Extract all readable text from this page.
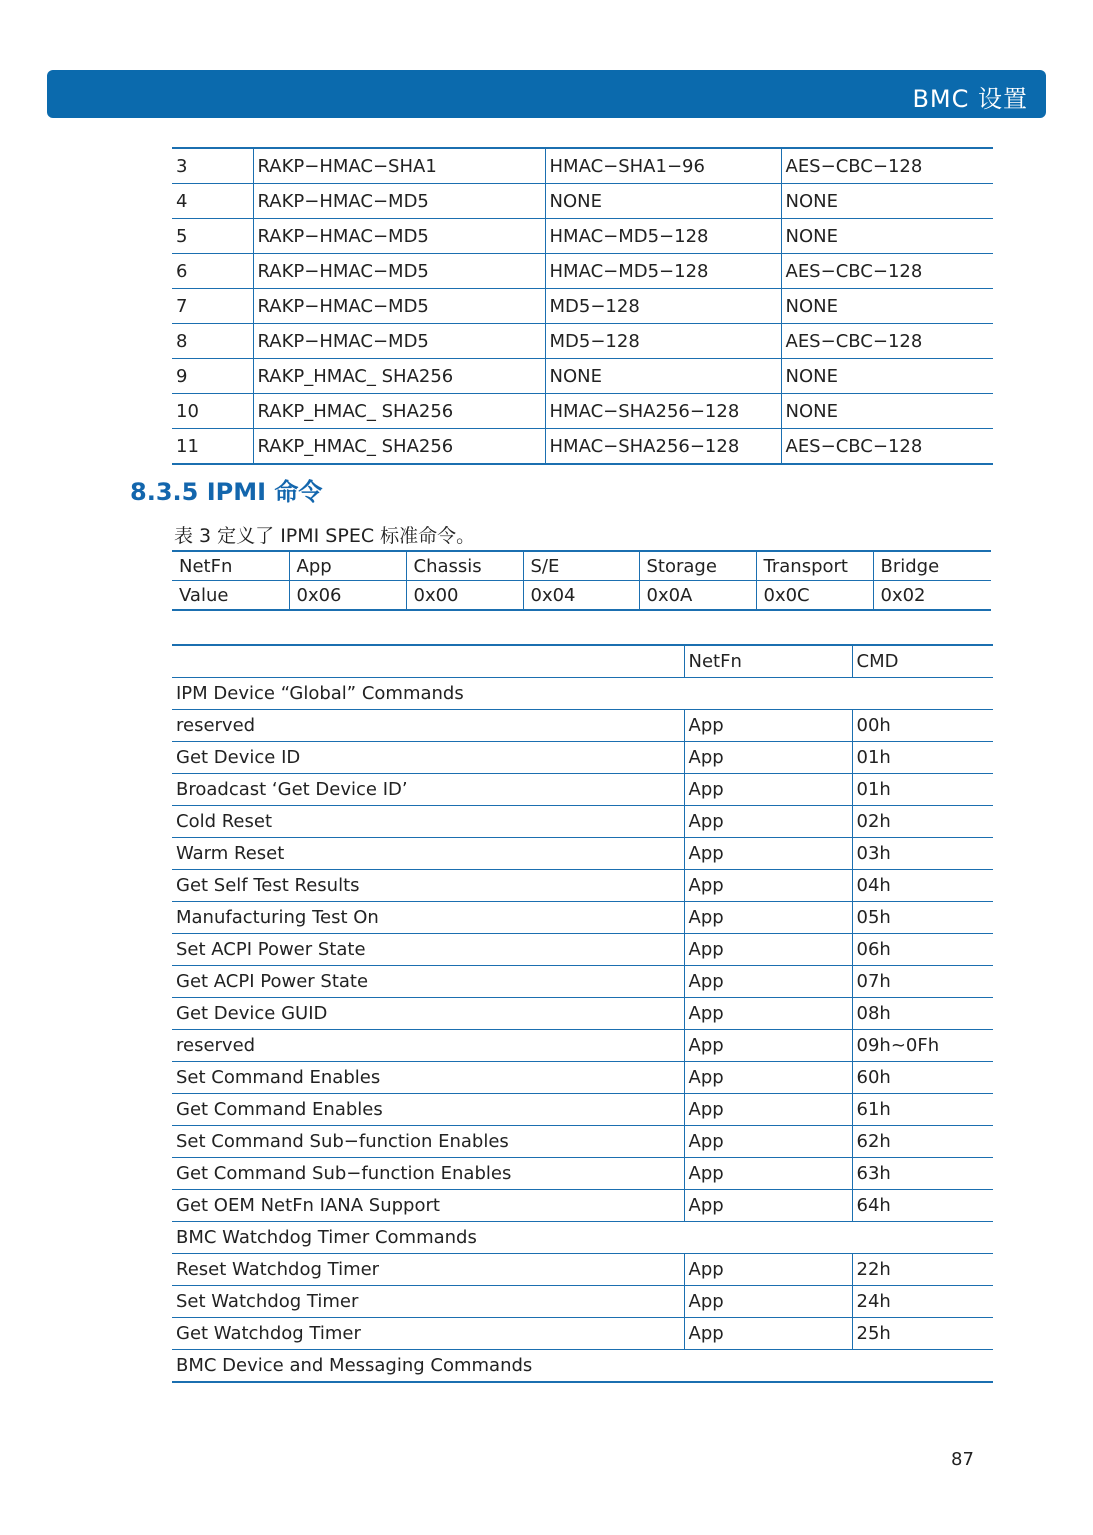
BMC 设置
3	RAKP−HMAC−SHA1	HMAC−SHA1−96	AES−CBC−128
4	RAKP−HMAC−MD5	NONE	NONE
5	RAKP−HMAC−MD5	HMAC−MD5−128	NONE
6	RAKP−HMAC−MD5	HMAC−MD5−128	AES−CBC−128
7	RAKP−HMAC−MD5	MD5−128	NONE
8	RAKP−HMAC−MD5	MD5−128	AES−CBC−128
9	RAKP_HMAC_ SHA256	NONE	NONE
10	RAKP_HMAC_ SHA256	HMAC−SHA256−128	NONE
11	RAKP_HMAC_ SHA256	HMAC−SHA256−128	AES−CBC−128
8.3.5 IPMI 命令
表 3 定义了 IPMI SPEC 标准命令。
NetFn	App	Chassis	S/E	Storage	Transport	Bridge
Value	0x06	0x00	0x04	0x0A	0x0C	0x02
	NetFn	CMD
IPM Device “Global” Commands		
reserved	App	00h
Get Device ID	App	01h
Broadcast ‘Get Device ID’	App	01h
Cold Reset	App	02h
Warm Reset	App	03h
Get Self Test Results	App	04h
Manufacturing Test On	App	05h
Set ACPI Power State	App	06h
Get ACPI Power State	App	07h
Get Device GUID	App	08h
reserved	App	09h~0Fh
Set Command Enables	App	60h
Get Command Enables	App	61h
Set Command Sub−function Enables	App	62h
Get Command Sub−function Enables	App	63h
Get OEM NetFn IANA Support	App	64h
BMC Watchdog Timer Commands		
Reset Watchdog Timer	App	22h
Set Watchdog Timer	App	24h
Get Watchdog Timer	App	25h
BMC Device and Messaging Commands		
87
